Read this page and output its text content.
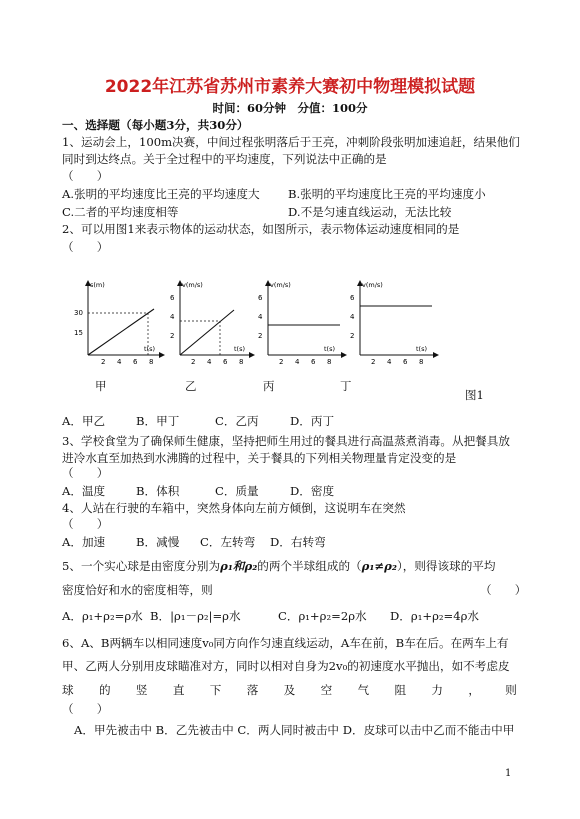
2022年江苏省苏州市素养大赛初中物理模拟试题
时间：60分钟　分值：100分
一、选择题（每小题3分，共30分）
1、运动会上，100m决赛，中间过程张明落后于王亮，冲刺阶段张明加速追赶，结果他们
同时到达终点。关于全过程中的平均速度，下列说法中正确的是
（　　）
A.张明的平均速度比王亮的平均速度大 B.张明的平均速度比王亮的平均速度小
C.二者的平均速度相等	D.不是匀速直线运动，无法比较
2、可以用图1来表示物体的运动状态，如图所示，表示物体运动速度相同的是
（　　）
s(m)
t(s)
30
15
2 4 6 8
v(m/s)
t(s)
6
4
2
2 4 6 8
v(m/s)
t(s)
6
4
2
2 4 6 8
v(m/s)
t(s)
6
4
2
2 4 6 8
甲	乙	丙	丁
图1
A．甲乙	B．甲丁	C．乙丙	D．丙丁
3、学校食堂为了确保师生健康，坚持把师生用过的餐具进行高温蒸煮消毒。从把餐具放
进冷水直至加热到水沸腾的过程中，关于餐具的下列相关物理量肯定没变的是
（　　）
A．温度	B．体积	C．质量	D．密度
4、人站在行驶的车箱中，突然身体向左前方倾倒，这说明车在突然
（　　）
A．加速	B．减慢 C．左转弯 D．右转弯
5、一个实心球是由密度分别为ρ₁和ρ₂的两个半球组成的（ρ₁≠ρ₂），则得该球的平均
密度恰好和水的密度相等，则	（　　）
A．ρ₁+ρ₂=ρ水 B．|ρ₁－ρ₂|=ρ水	C．ρ₁+ρ₂=2ρ水 D．ρ₁+ρ₂=4ρ水
6、A、B两辆车以相同速度v₀同方向作匀速直线运动，A车在前，B车在后。在两车上有
甲、乙两人分别用皮球瞄准对方，同时以相对自身为2v₀的初速度水平抛出，如不考虑皮
球 的 竖 直 下 落 及 空 气 阻 力 ， 则
（　　）
A．甲先被击中 B．乙先被击中 C．两人同时被击中 D．皮球可以击中乙而不能击中甲
1
